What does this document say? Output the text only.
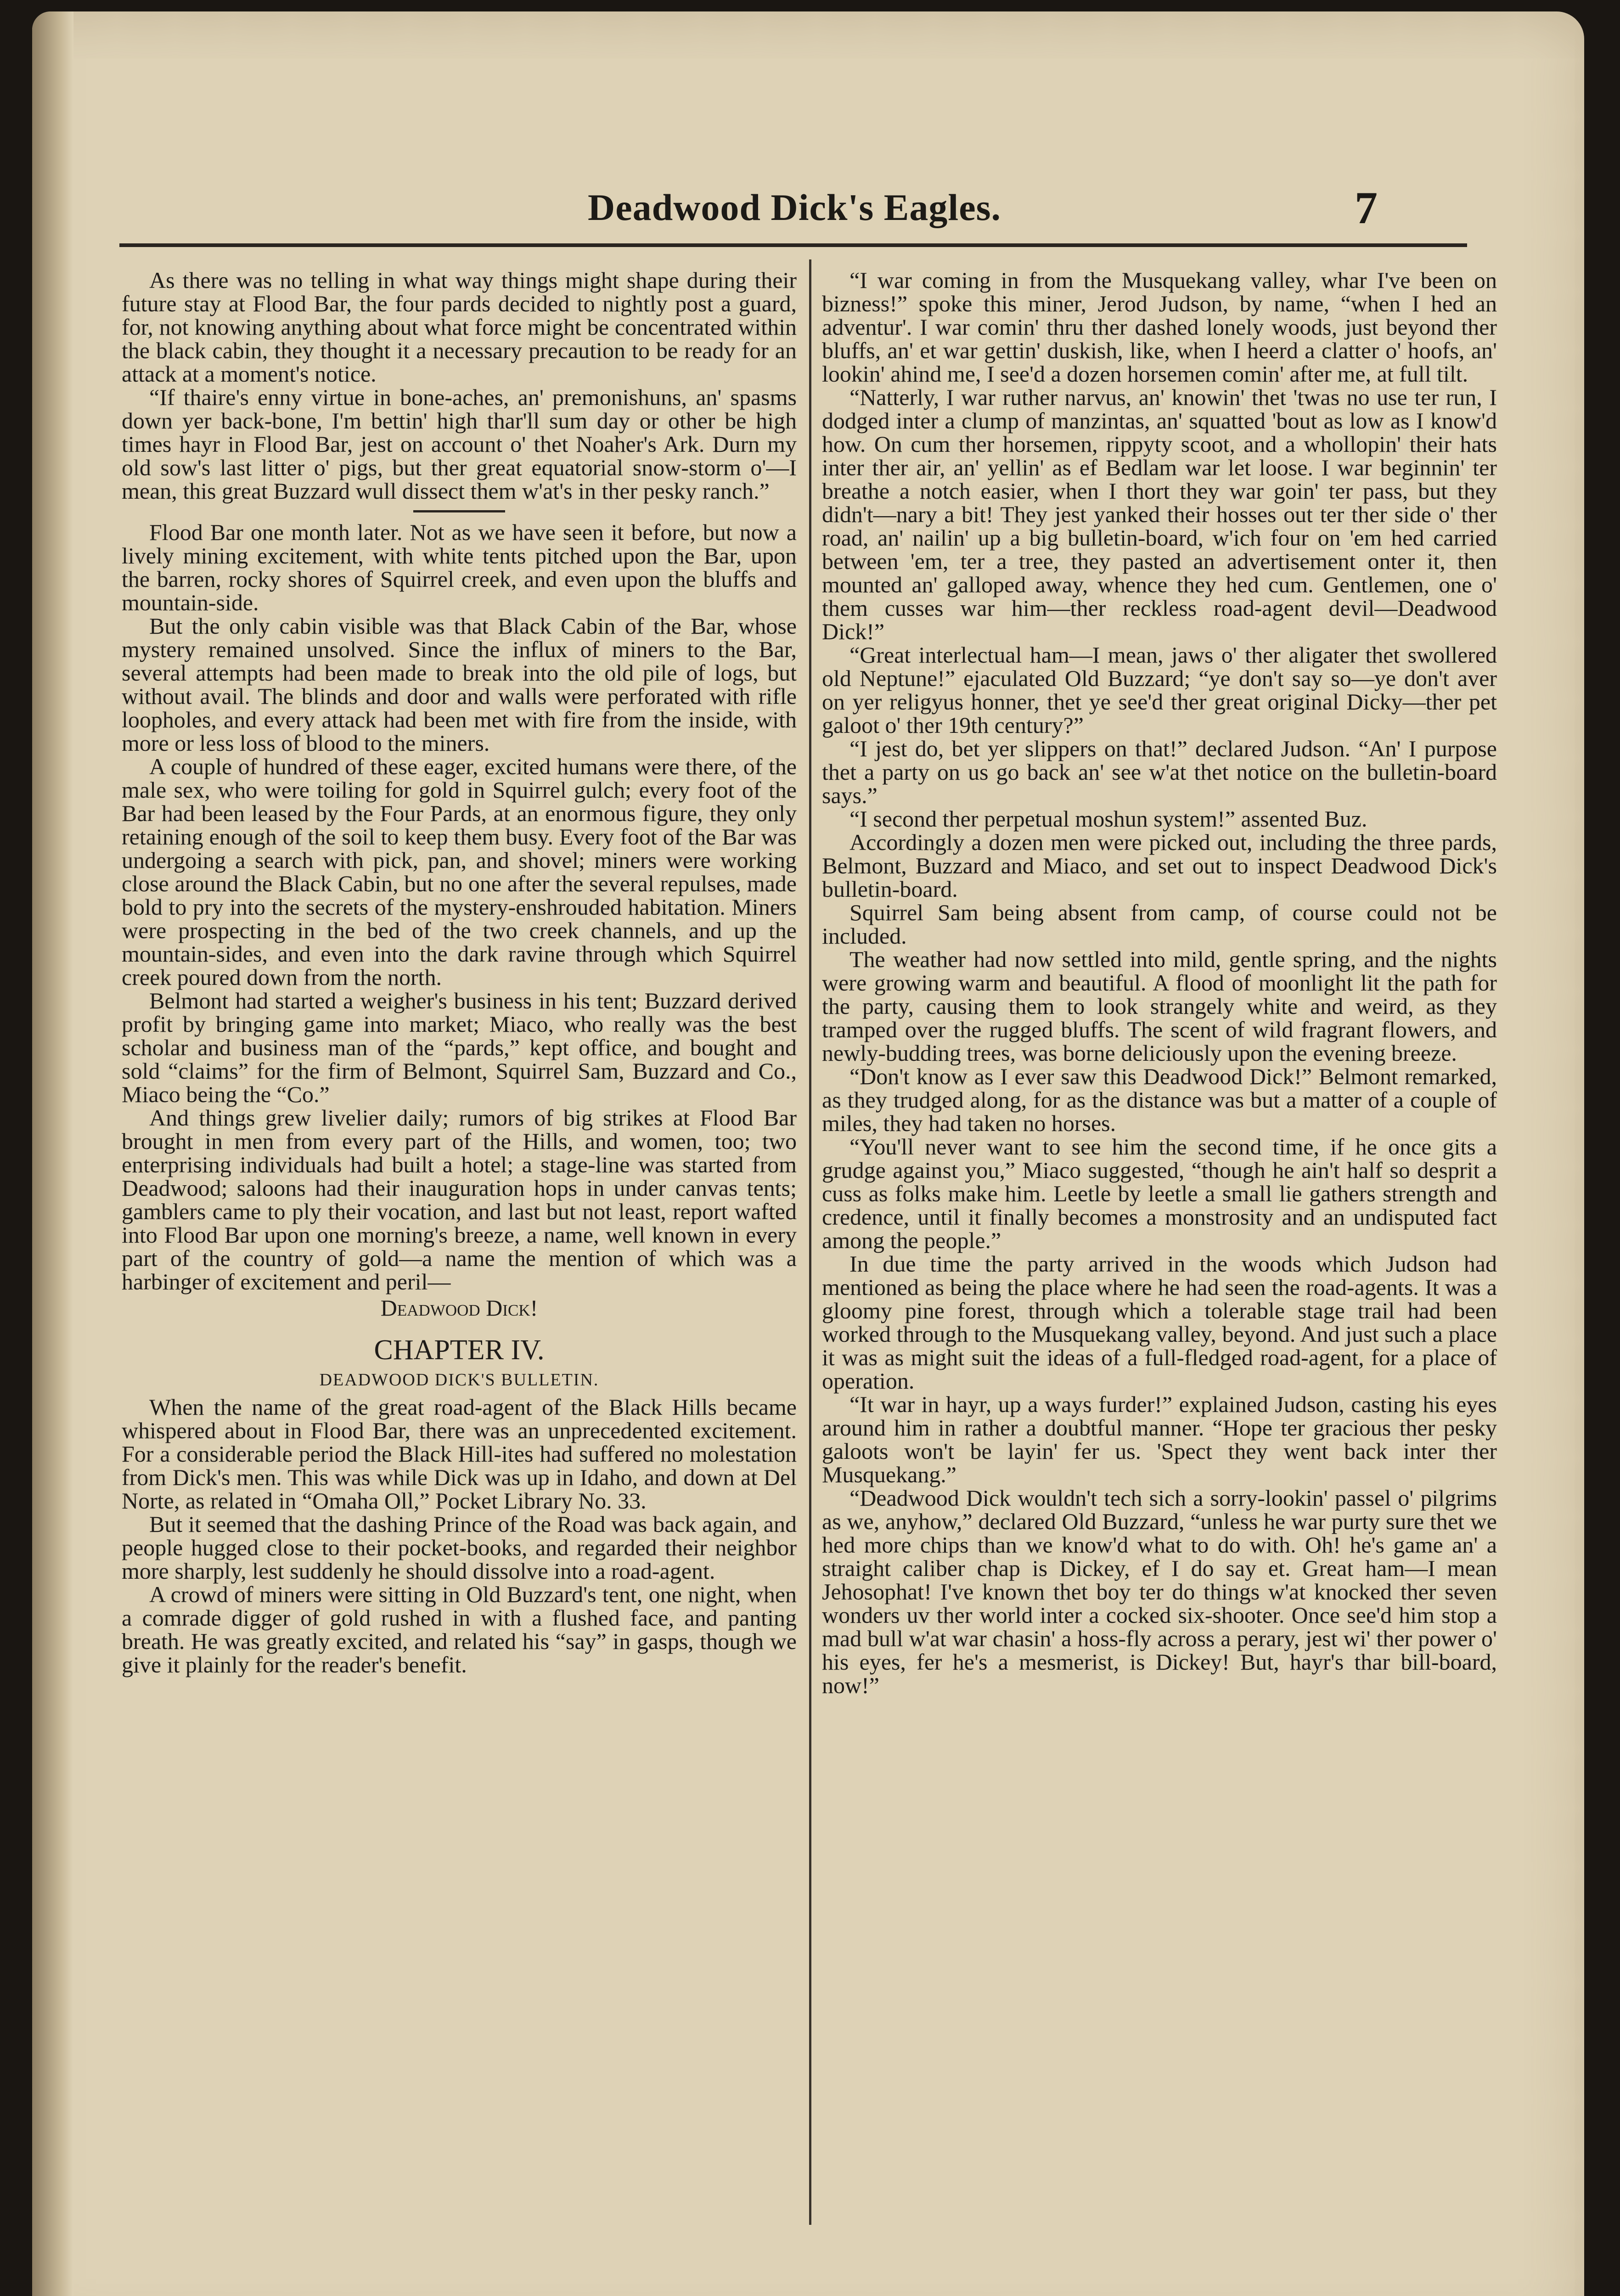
Deadwood Dick's Eagles.	7

As there was no telling in what way things might shape during their future stay at Flood Bar, the four pards decided to nightly post a guard, for, not knowing anything about what force might be concentrated within the black cabin, they thought it a necessary precaution to be ready for an attack at a moment's notice.

“If thaire's enny virtue in bone-aches, an' premonishuns, an' spasms down yer back-bone, I'm bettin' high thar'll sum day or other be high times hayr in Flood Bar, jest on account o' thet Noaher's Ark. Durn my old sow's last litter o' pigs, but ther great equatorial snow-storm o'—I mean, this great Buzzard wull dissect them w'at's in ther pesky ranch.”

Flood Bar one month later. Not as we have seen it before, but now a lively mining excitement, with white tents pitched upon the Bar, upon the barren, rocky shores of Squirrel creek, and even upon the bluffs and mountain-side.

But the only cabin visible was that Black Cabin of the Bar, whose mystery remained unsolved. Since the influx of miners to the Bar, several attempts had been made to break into the old pile of logs, but without avail. The blinds and door and walls were perforated with rifle loopholes, and every attack had been met with fire from the inside, with more or less loss of blood to the miners.

A couple of hundred of these eager, excited humans were there, of the male sex, who were toiling for gold in Squirrel gulch; every foot of the Bar had been leased by the Four Pards, at an enormous figure, they only retaining enough of the soil to keep them busy. Every foot of the Bar was undergoing a search with pick, pan, and shovel; miners were working close around the Black Cabin, but no one after the several repulses, made bold to pry into the secrets of the mystery-enshrouded habitation. Miners were prospecting in the bed of the two creek channels, and up the mountain-sides, and even into the dark ravine through which Squirrel creek poured down from the north.

Belmont had started a weigher's business in his tent; Buzzard derived profit by bringing game into market; Miaco, who really was the best scholar and business man of the “pards,” kept office, and bought and sold “claims” for the firm of Belmont, Squirrel Sam, Buzzard and Co., Miaco being the “Co.”

And things grew livelier daily; rumors of big strikes at Flood Bar brought in men from every part of the Hills, and women, too; two enterprising individuals had built a hotel; a stage-line was started from Deadwood; saloons had their inauguration hops in under canvas tents; gamblers came to ply their vocation, and last but not least, report wafted into Flood Bar upon one morning's breeze, a name, well known in every part of the country of gold—a name the mention of which was a harbinger of excitement and peril—

Deadwood Dick!

CHAPTER IV.
DEADWOOD DICK'S BULLETIN.

When the name of the great road-agent of the Black Hills became whispered about in Flood Bar, there was an unprecedented excitement. For a considerable period the Black Hill-ites had suffered no molestation from Dick's men. This was while Dick was up in Idaho, and down at Del Norte, as related in “Omaha Oll,” Pocket Library No. 33.

But it seemed that the dashing Prince of the Road was back again, and people hugged close to their pocket-books, and regarded their neighbor more sharply, lest suddenly he should dissolve into a road-agent.

A crowd of miners were sitting in Old Buzzard's tent, one night, when a comrade digger of gold rushed in with a flushed face, and panting breath. He was greatly excited, and related his “say” in gasps, though we give it plainly for the reader's benefit.

“I war coming in from the Musquekang valley, whar I've been on bizness!” spoke this miner, Jerod Judson, by name, “when I hed an adventur'. I war comin' thru ther dashed lonely woods, just beyond ther bluffs, an' et war gettin' duskish, like, when I heerd a clatter o' hoofs, an' lookin' ahind me, I see'd a dozen horsemen comin' after me, at full tilt.

“Natterly, I war ruther narvus, an' knowin' thet 'twas no use ter run, I dodged inter a clump of manzintas, an' squatted 'bout as low as I know'd how. On cum ther horsemen, rippyty scoot, and a whollopin' their hats inter ther air, an' yellin' as ef Bedlam war let loose. I war beginnin' ter breathe a notch easier, when I thort they war goin' ter pass, but they didn't—nary a bit! They jest yanked their hosses out ter ther side o' ther road, an' nailin' up a big bulletin-board, w'ich four on 'em hed carried between 'em, ter a tree, they pasted an advertisement onter it, then mounted an' galloped away, whence they hed cum. Gentlemen, one o' them cusses war him—ther reckless road-agent devil—Deadwood Dick!”

“Great interlectual ham—I mean, jaws o' ther aligater thet swollered old Neptune!” ejaculated Old Buzzard; “ye don't say so—ye don't aver on yer religyus honner, thet ye see'd ther great original Dicky—ther pet galoot o' ther 19th century?”

“I jest do, bet yer slippers on that!” declared Judson. “An' I purpose thet a party on us go back an' see w'at thet notice on the bulletin-board says.”

“I second ther perpetual moshun system!” assented Buz.

Accordingly a dozen men were picked out, including the three pards, Belmont, Buzzard and Miaco, and set out to inspect Deadwood Dick's bulletin-board.

Squirrel Sam being absent from camp, of course could not be included.

The weather had now settled into mild, gentle spring, and the nights were growing warm and beautiful. A flood of moonlight lit the path for the party, causing them to look strangely white and weird, as they tramped over the rugged bluffs. The scent of wild fragrant flowers, and newly-budding trees, was borne deliciously upon the evening breeze.

“Don't know as I ever saw this Deadwood Dick!” Belmont remarked, as they trudged along, for as the distance was but a matter of a couple of miles, they had taken no horses.

“You'll never want to see him the second time, if he once gits a grudge against you,” Miaco suggested, “though he ain't half so desprit a cuss as folks make him. Leetle by leetle a small lie gathers strength and credence, until it finally becomes a monstrosity and an undisputed fact among the people.”

In due time the party arrived in the woods which Judson had mentioned as being the place where he had seen the road-agents. It was a gloomy pine forest, through which a tolerable stage trail had been worked through to the Musquekang valley, beyond. And just such a place it was as might suit the ideas of a full-fledged road-agent, for a place of operation.

“It war in hayr, up a ways furder!” explained Judson, casting his eyes around him in rather a doubtful manner. “Hope ter gracious ther pesky galoots won't be layin' fer us. 'Spect they went back inter ther Musquekang.”

“Deadwood Dick wouldn't tech sich a sorry-lookin' passel o' pilgrims as we, anyhow,” declared Old Buzzard, “unless he war purty sure thet we hed more chips than we know'd what to do with. Oh! he's game an' a straight caliber chap is Dickey, ef I do say et. Great ham—I mean Jehosophat! I've known thet boy ter do things w'at knocked ther seven wonders uv ther world inter a cocked six-shooter. Once see'd him stop a mad bull w'at war chasin' a hoss-fly across a perary, jest wi' ther power o' his eyes, fer he's a mesmerist, is Dickey! But, hayr's thar bill-board, now!”
